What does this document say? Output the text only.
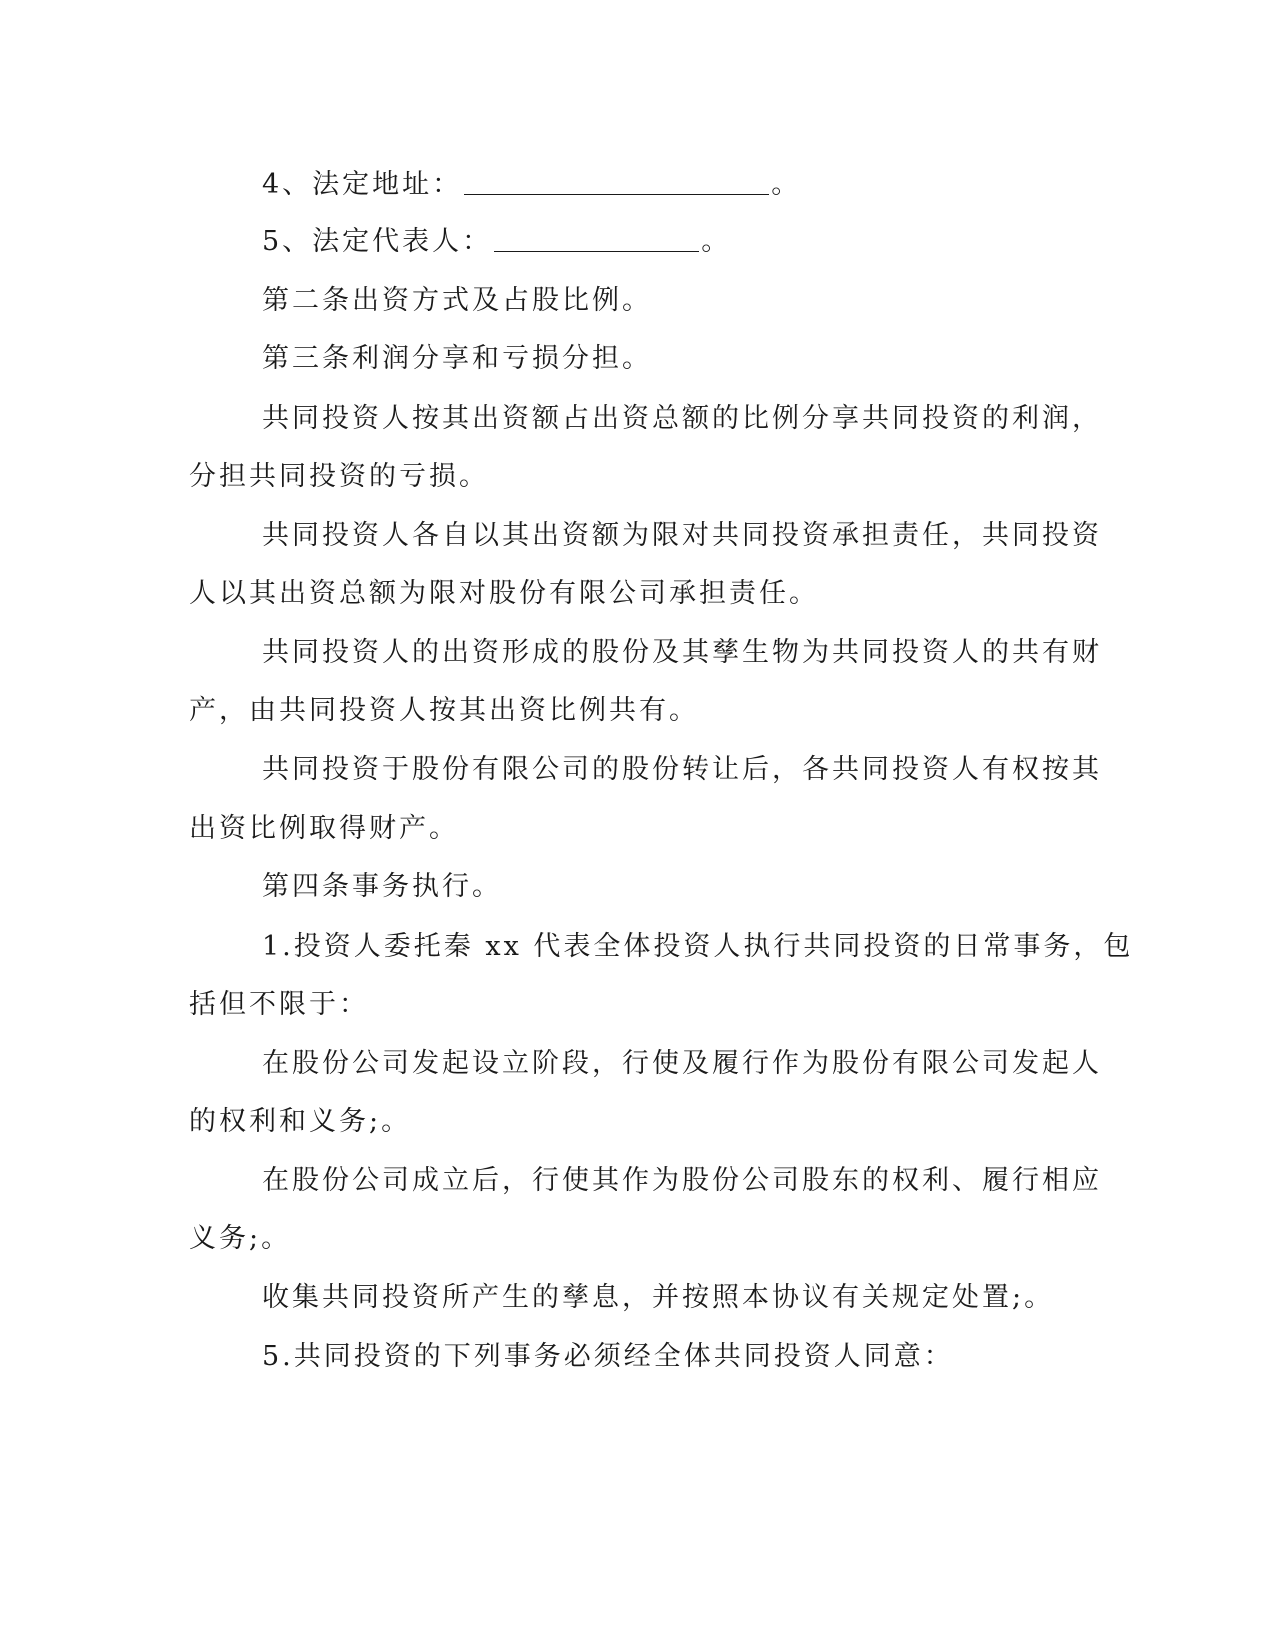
4、法定地址：	。
5、法定代表人：	。
第二条出资方式及占股比例。
第三条利润分享和亏损分担。
共同投资人按其出资额占出资总额的比例分享共同投资的利润，
分担共同投资的亏损。
共同投资人各自以其出资额为限对共同投资承担责任，共同投资
人以其出资总额为限对股份有限公司承担责任。
共同投资人的出资形成的股份及其孳生物为共同投资人的共有财
产，由共同投资人按其出资比例共有。
共同投资于股份有限公司的股份转让后，各共同投资人有权按其
出资比例取得财产。
第四条事务执行。
1.投资人委托秦 xx 代表全体投资人执行共同投资的日常事务，包
括但不限于：
在股份公司发起设立阶段，行使及履行作为股份有限公司发起人
的权利和义务;。
在股份公司成立后，行使其作为股份公司股东的权利、履行相应
义务;。
收集共同投资所产生的孳息，并按照本协议有关规定处置;。
5.共同投资的下列事务必须经全体共同投资人同意：
